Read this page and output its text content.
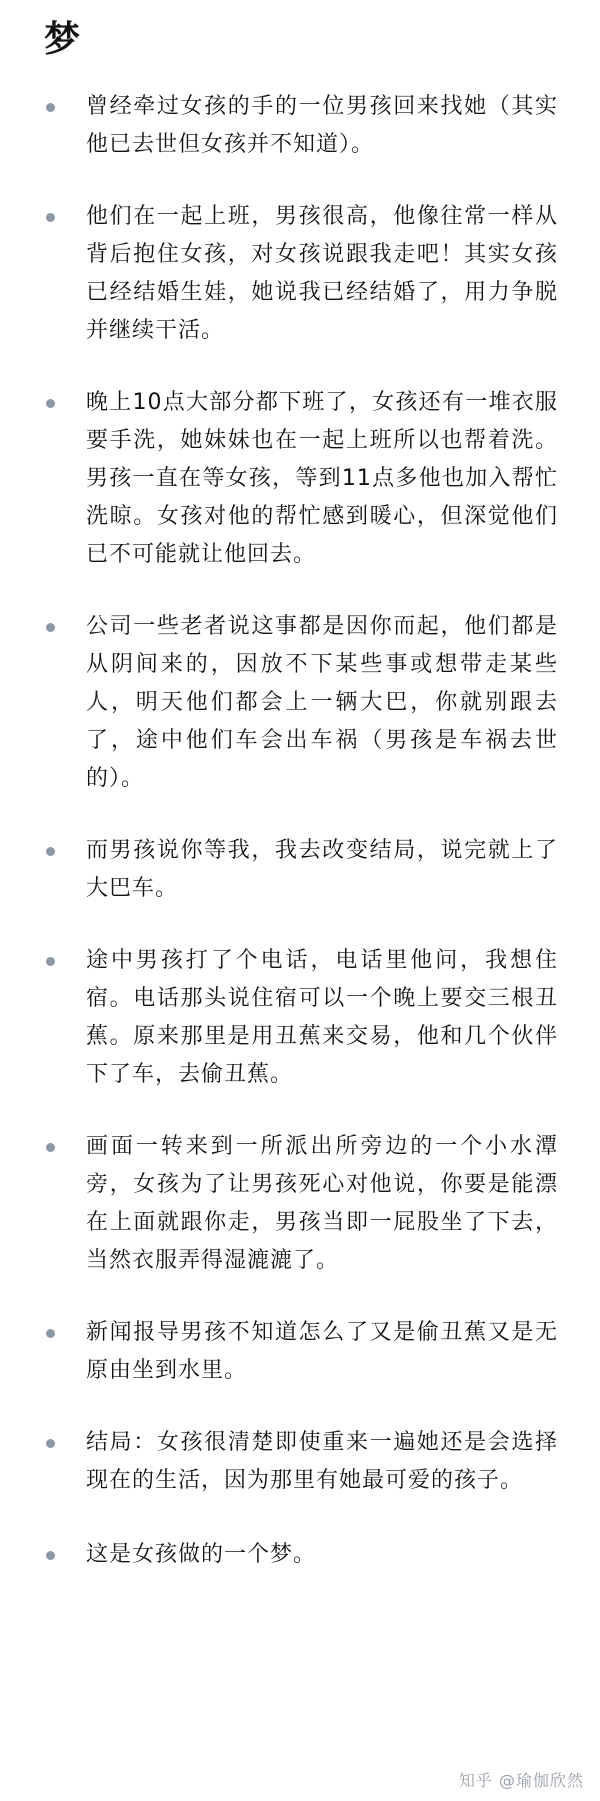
梦
曾经牵过女孩的手的一位男孩回来找她（其实他已去世但女孩并不知道）。
他们在一起上班，男孩很高，他像往常一样从背后抱住女孩，对女孩说跟我走吧！其实女孩已经结婚生娃，她说我已经结婚了，用力争脱并继续干活。
晚上10点大部分都下班了，女孩还有一堆衣服要手洗，她妹妹也在一起上班所以也帮着洗。男孩一直在等女孩，等到11点多他也加入帮忙洗晾。女孩对他的帮忙感到暖心，但深觉他们已不可能就让他回去。
公司一些老者说这事都是因你而起，他们都是从阴间来的，因放不下某些事或想带走某些人，明天他们都会上一辆大巴，你就别跟去了，途中他们车会出车祸（男孩是车祸去世的）。
而男孩说你等我，我去改变结局，说完就上了大巴车。
途中男孩打了个电话，电话里他问，我想住宿。电话那头说住宿可以一个晚上要交三根丑蕉。原来那里是用丑蕉来交易，他和几个伙伴下了车，去偷丑蕉。
画面一转来到一所派出所旁边的一个小水潭旁，女孩为了让男孩死心对他说，你要是能漂在上面就跟你走，男孩当即一屁股坐了下去，当然衣服弄得湿漉漉了。
新闻报导男孩不知道怎么了又是偷丑蕉又是无原由坐到水里。
结局：女孩很清楚即使重来一遍她还是会选择现在的生活，因为那里有她最可爱的孩子。
这是女孩做的一个梦。
知乎 @瑜伽欣然
